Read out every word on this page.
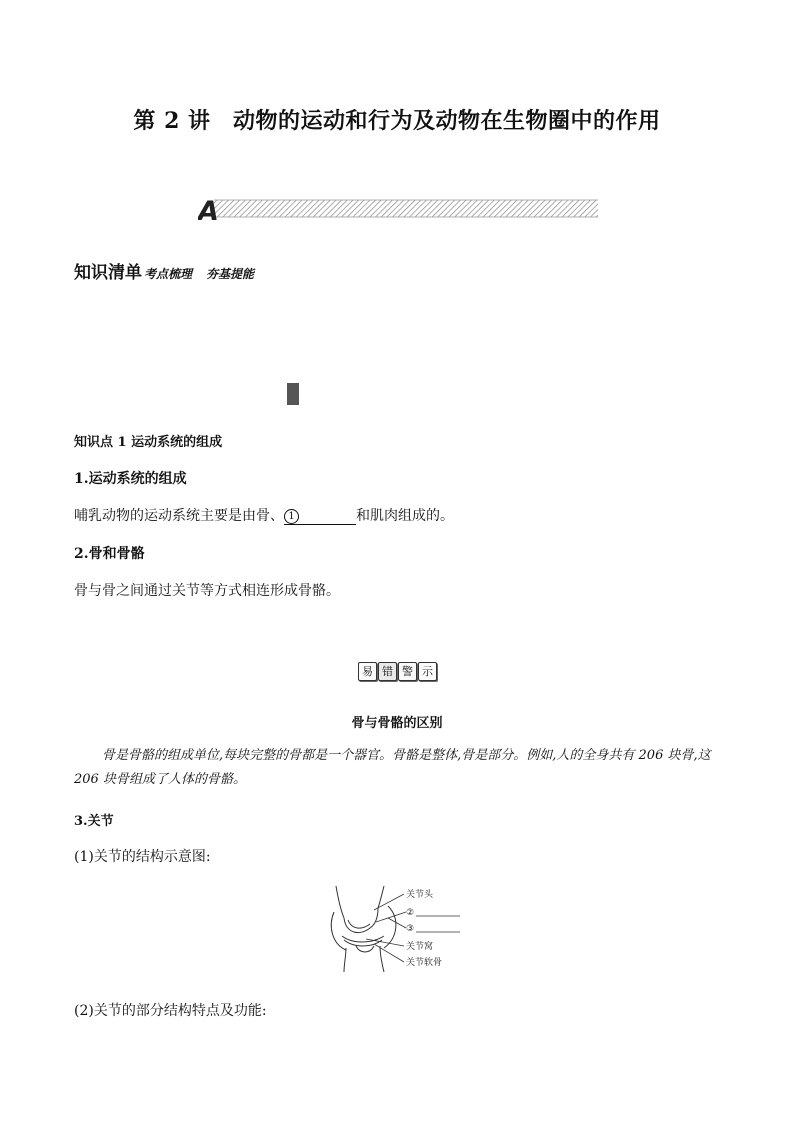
第 2 讲　动物的运动和行为及动物在生物圈中的作用
A
知识清单 考点梳理 夯基提能
知识点 1 运动系统的组成
1.运动系统的组成
哺乳动物的运动系统主要是由骨、 1	和肌肉组成的。
2.骨和骨骼
骨与骨之间通过关节等方式相连形成骨骼。
易 错 警 示
骨与骨骼的区别
骨是骨骼的组成单位,每块完整的骨都是一个器官。骨骼是整体,骨是部分。例如,人的全身共有 206 块骨,这 206 块骨组成了人体的骨骼。
3.关节
(1)关节的结构示意图:
关节头
②
③
关节窝
关节软骨
(2)关节的部分结构特点及功能:
